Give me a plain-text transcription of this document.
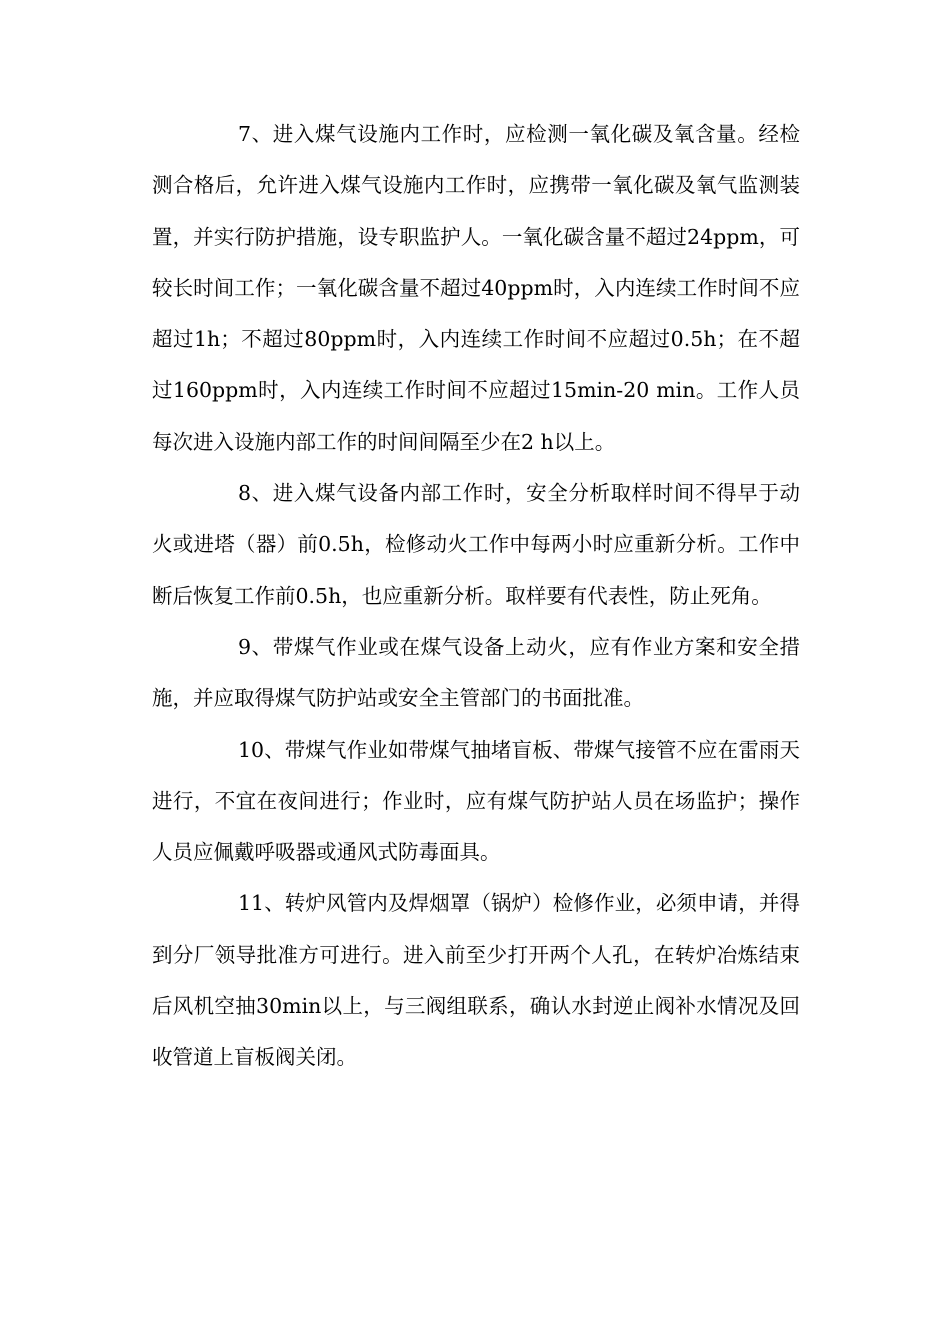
7、进入煤气设施内工作时，应检测一氧化碳及氧含量。经检测合格后，允许进入煤气设施内工作时，应携带一氧化碳及氧气监测装置，并实行防护措施，设专职监护人。一氧化碳含量不超过24ppm，可较长时间工作；一氧化碳含量不超过40ppm时，入内连续工作时间不应超过1h；不超过80ppm时，入内连续工作时间不应超过0.5h；在不超过160ppm时，入内连续工作时间不应超过15min-20 min。工作人员每次进入设施内部工作的时间间隔至少在2 h以上。

8、进入煤气设备内部工作时，安全分析取样时间不得早于动火或进塔（器）前0.5h，检修动火工作中每两小时应重新分析。工作中断后恢复工作前0.5h，也应重新分析。取样要有代表性，防止死角。

9、带煤气作业或在煤气设备上动火，应有作业方案和安全措施，并应取得煤气防护站或安全主管部门的书面批准。

10、带煤气作业如带煤气抽堵盲板、带煤气接管不应在雷雨天进行，不宜在夜间进行；作业时，应有煤气防护站人员在场监护；操作人员应佩戴呼吸器或通风式防毒面具。

11、转炉风管内及焊烟罩（锅炉）检修作业，必须申请，并得到分厂领导批准方可进行。进入前至少打开两个人孔，在转炉冶炼结束后风机空抽30min以上，与三阀组联系，确认水封逆止阀补水情况及回收管道上盲板阀关闭。
